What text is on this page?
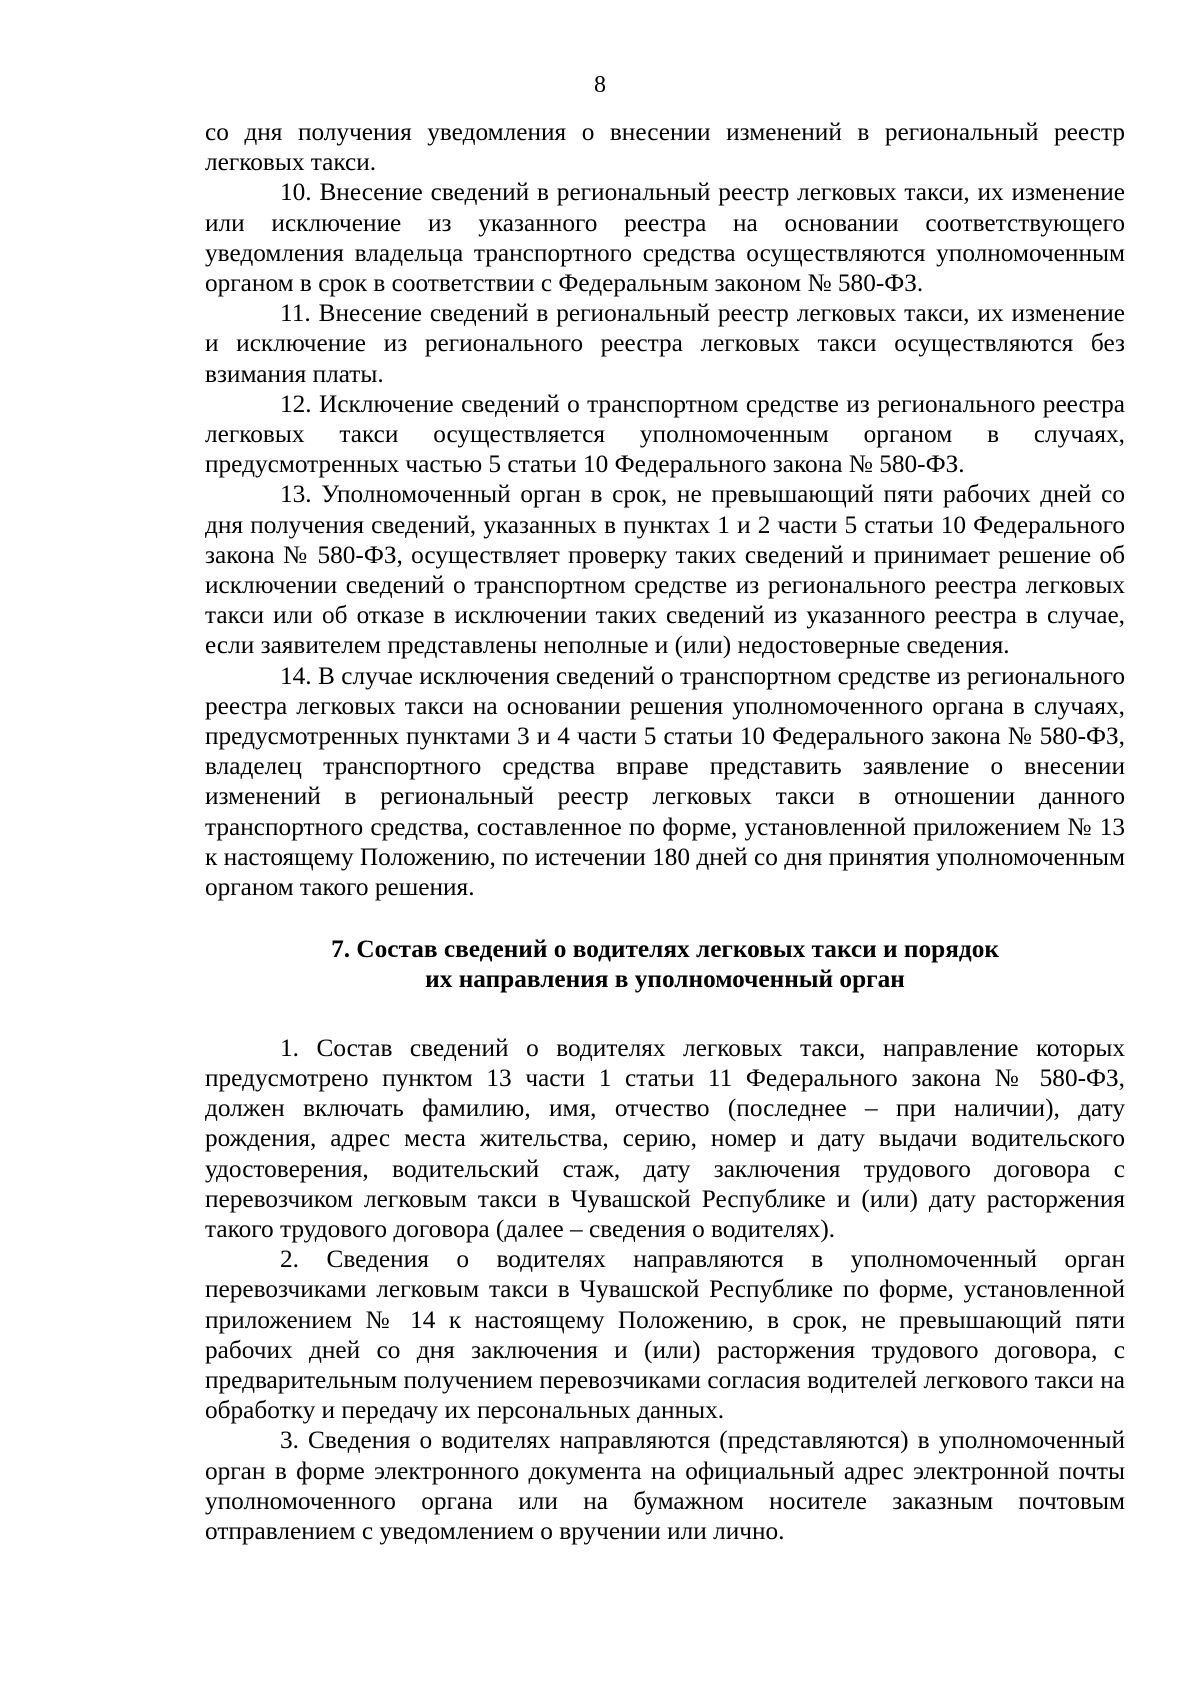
8

со дня получения уведомления о внесении изменений в региональный реестр легковых такси.

10. Внесение сведений в региональный реестр легковых такси, их изменение или исключение из указанного реестра на основании соответствующего уведомления владельца транспортного средства осуществляются уполномоченным органом в срок в соответствии с Федеральным законом № 580-ФЗ.

11. Внесение сведений в региональный реестр легковых такси, их изменение и исключение из регионального реестра легковых такси осуществляются без взимания платы.

12. Исключение сведений о транспортном средстве из регионального реестра легковых такси осуществляется уполномоченным органом в случаях, предусмотренных частью 5 статьи 10 Федерального закона № 580-ФЗ.

13. Уполномоченный орган в срок, не превышающий пяти рабочих дней со дня получения сведений, указанных в пунктах 1 и 2 части 5 статьи 10 Федерального закона № 580-ФЗ, осуществляет проверку таких сведений и принимает решение об исключении сведений о транспортном средстве из регионального реестра легковых такси или об отказе в исключении таких сведений из указанного реестра в случае, если заявителем представлены неполные и (или) недостоверные сведения.

14. В случае исключения сведений о транспортном средстве из регионального реестра легковых такси на основании решения уполномоченного органа в случаях, предусмотренных пунктами 3 и 4 части 5 статьи 10 Федерального закона № 580-ФЗ, владелец транспортного средства вправе представить заявление о внесении изменений в региональный реестр легковых такси в отношении данного транспортного средства, составленное по форме, установленной приложением № 13 к настоящему Положению, по истечении 180 дней со дня принятия уполномоченным органом такого решения.

7. Состав сведений о водителях легковых такси и порядок
их направления в уполномоченный орган

1. Состав сведений о водителях легковых такси, направление которых предусмотрено пунктом 13 части 1 статьи 11 Федерального закона № 580-ФЗ, должен включать фамилию, имя, отчество (последнее – при наличии), дату рождения, адрес места жительства, серию, номер и дату выдачи водительского удостоверения, водительский стаж, дату заключения трудового договора с перевозчиком легковым такси в Чувашской Республике и (или) дату расторжения такого трудового договора (далее – сведения о водителях).

2. Сведения о водителях направляются в уполномоченный орган перевозчиками легковым такси в Чувашской Республике по форме, установленной приложением № 14 к настоящему Положению, в срок, не превышающий пяти рабочих дней со дня заключения и (или) расторжения трудового договора, с предварительным получением перевозчиками согласия водителей легкового такси на обработку и передачу их персональных данных.

3. Сведения о водителях направляются (представляются) в уполномоченный орган в форме электронного документа на официальный адрес электронной почты уполномоченного органа или на бумажном носителе заказным почтовым отправлением с уведомлением о вручении или лично.
